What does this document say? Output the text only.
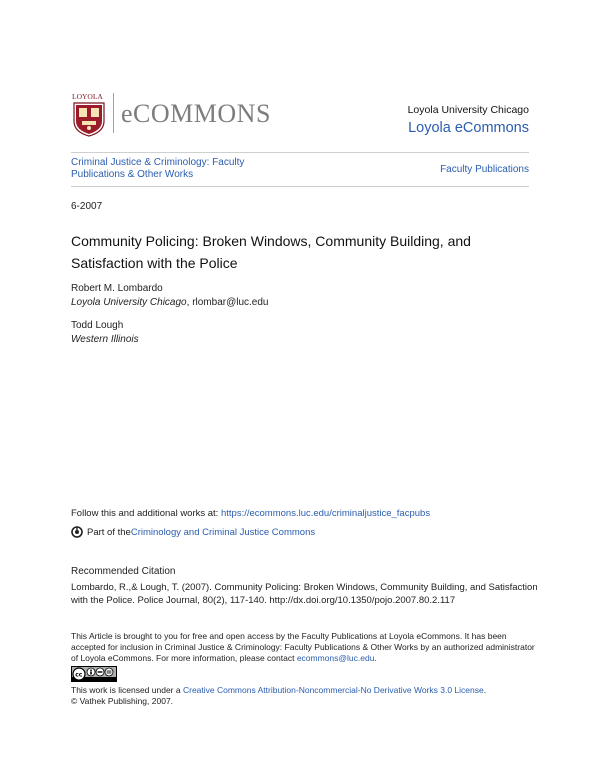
LOYOLA
eCOMMONS	Loyola University Chicago
Loyola eCommons
Criminal Justice & Criminology: Faculty Publications & Other Works	Faculty Publications
6-2007
Community Policing: Broken Windows, Community Building, and Satisfaction with the Police
Robert M. Lombardo
Loyola University Chicago, rlombar@luc.edu
Todd Lough
Western Illinois
Follow this and additional works at: https://ecommons.luc.edu/criminaljustice_facpubs
Part of the Criminology and Criminal Justice Commons
Recommended Citation
Lombardo, R.,& Lough, T. (2007). Community Policing: Broken Windows, Community Building, and Satisfaction with the Police. Police Journal, 80(2), 117-140. http://dx.doi.org/10.1350/pojo.2007.80.2.117
This Article is brought to you for free and open access by the Faculty Publications at Loyola eCommons. It has been accepted for inclusion in Criminal Justice & Criminology: Faculty Publications & Other Works by an authorized administrator of Loyola eCommons. For more information, please contact ecommons@luc.edu.
cc
This work is licensed under a Creative Commons Attribution-Noncommercial-No Derivative Works 3.0 License.
© Vathek Publishing, 2007.
